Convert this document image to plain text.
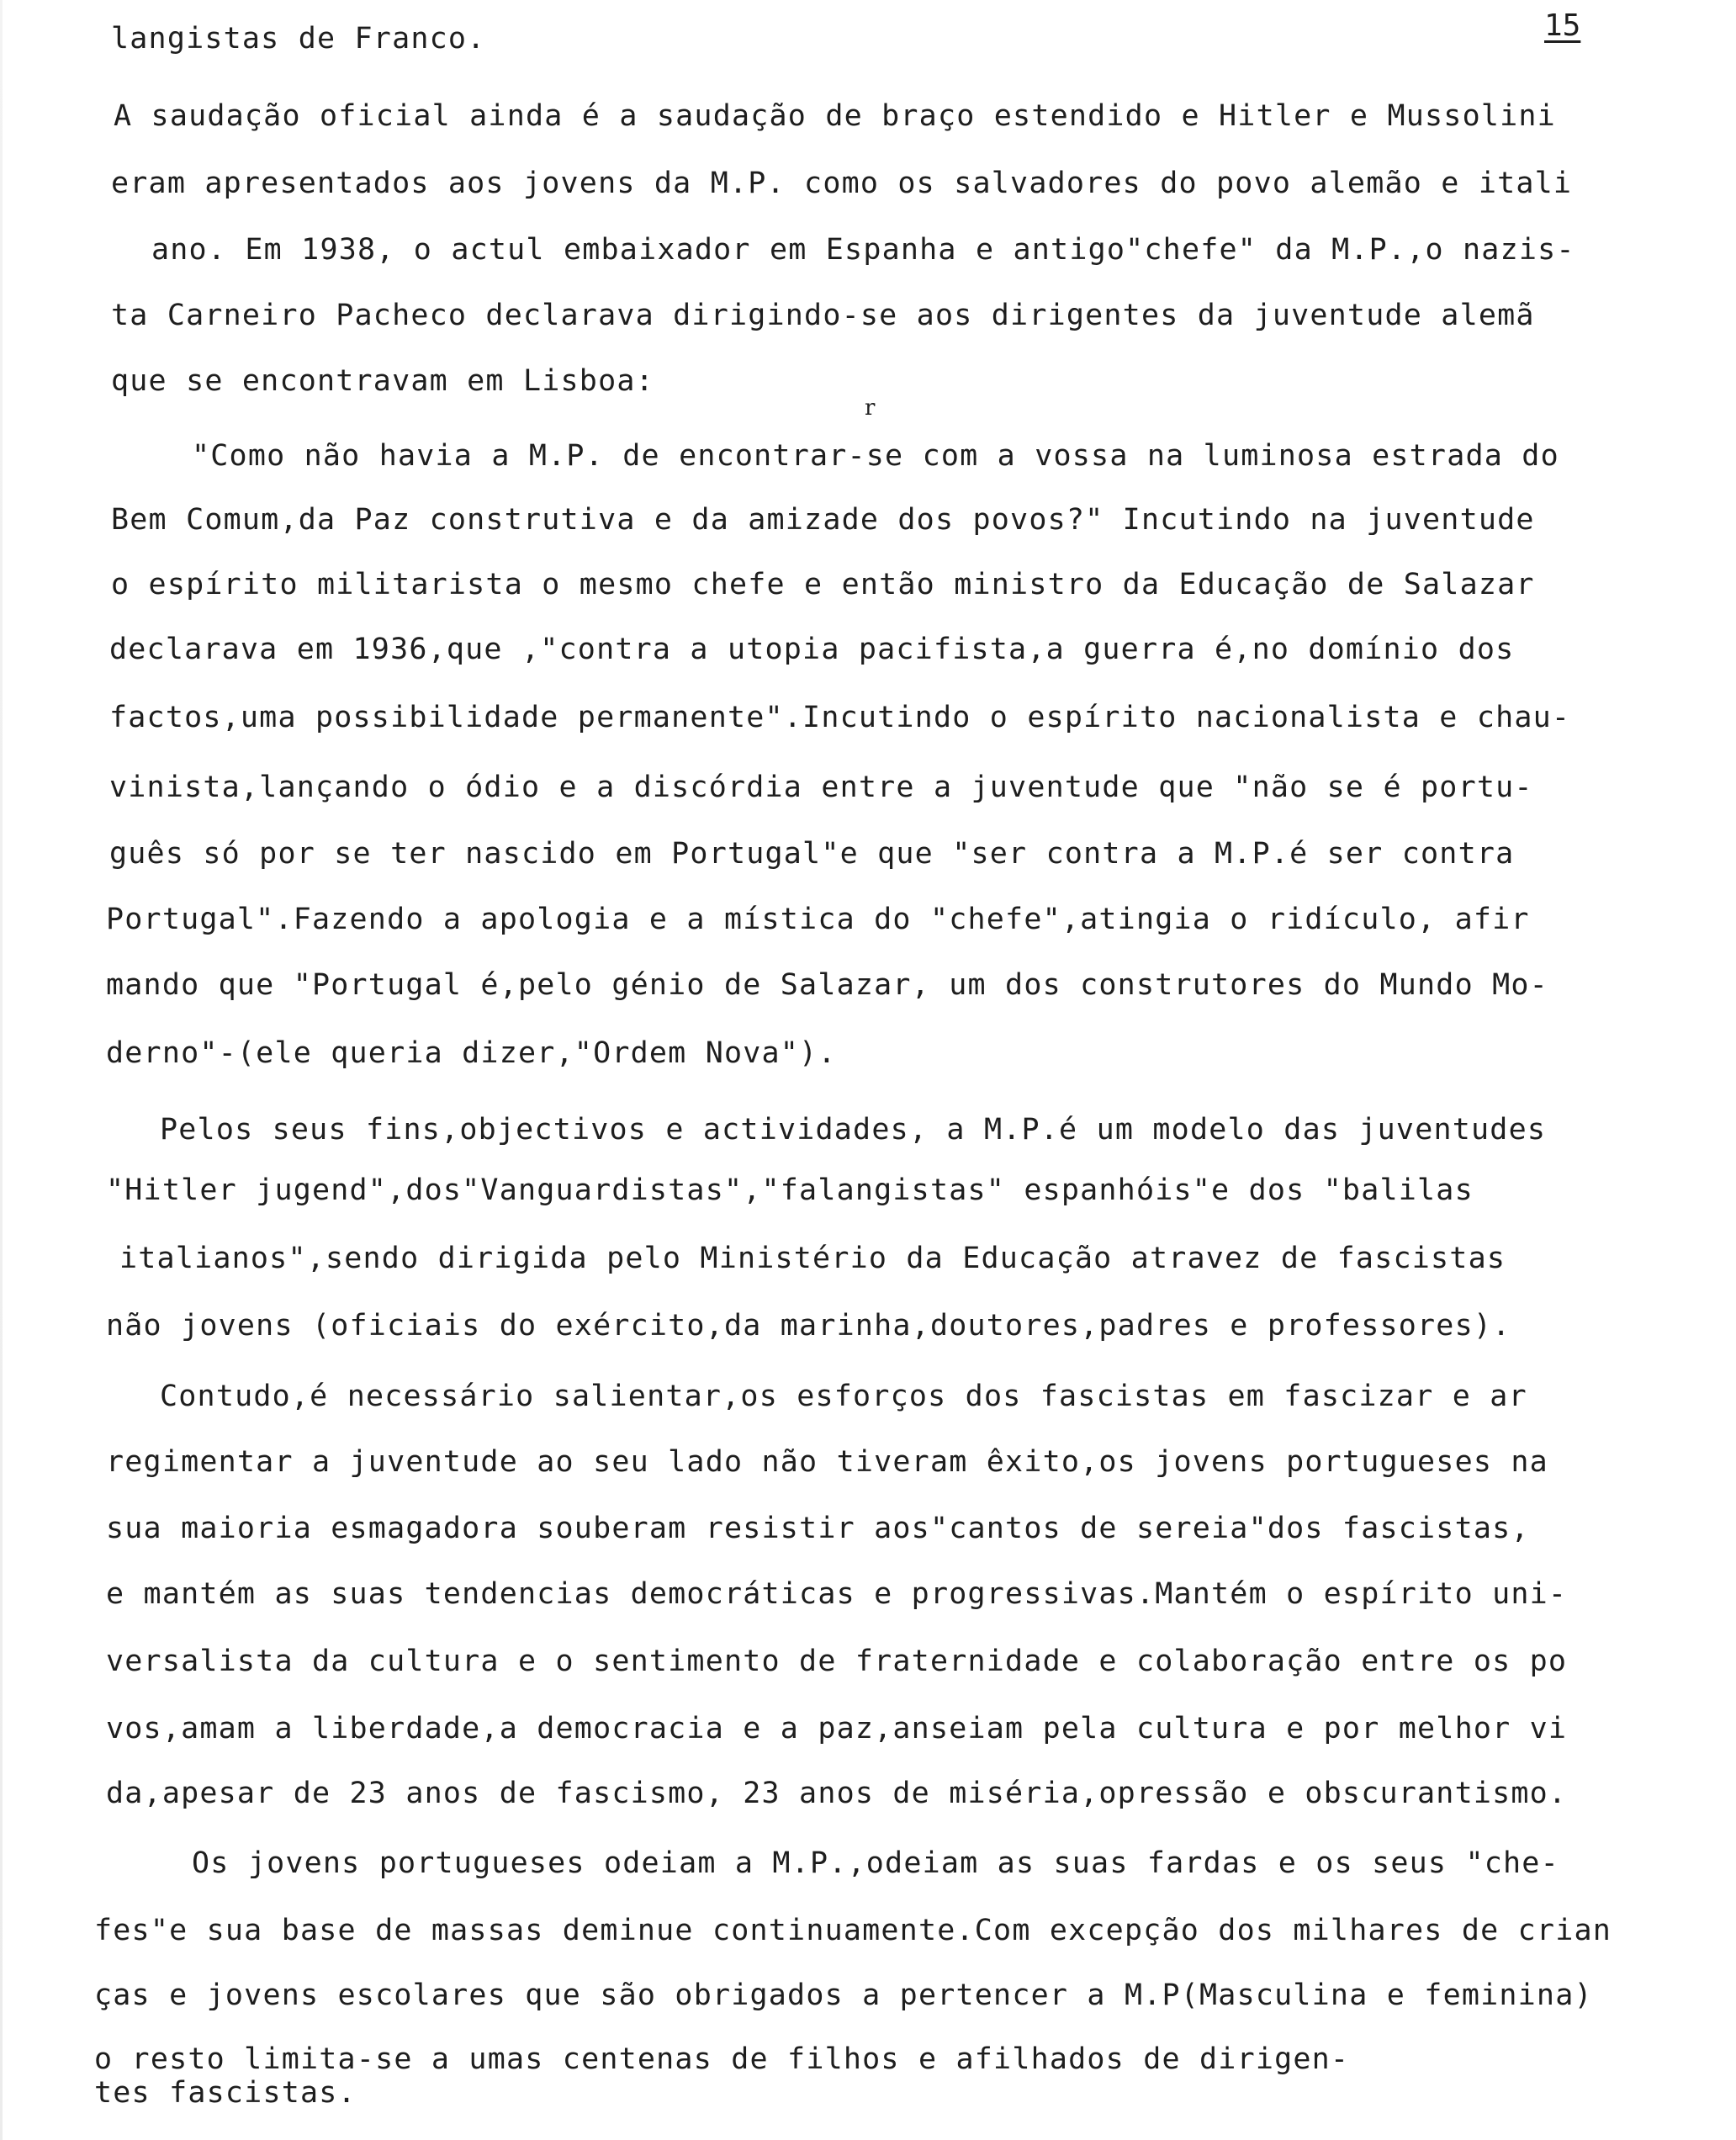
15
r
langistas de Franco.
A saudação oficial ainda é a saudação de braço estendido e Hitler e Mussolini
eram apresentados aos jovens da M.P. como os salvadores do povo alemão e itali
ano. Em 1938, o actul embaixador em Espanha e antigo"chefe" da M.P.,o nazis-
ta Carneiro Pacheco declarava dirigindo-se aos dirigentes da juventude alemã
que se encontravam em Lisboa:
"Como não havia a M.P. de encontrar-se com a vossa na luminosa estrada do
Bem Comum,da Paz construtiva e da amizade dos povos?" Incutindo na juventude
o espírito militarista o mesmo chefe e então ministro da Educação de Salazar
declarava em 1936,que ,"contra a utopia pacifista,a guerra é,no domínio dos
factos,uma possibilidade permanente".Incutindo o espírito nacionalista e chau-
vinista,lançando o ódio e a discórdia entre a juventude que "não se é portu-
guês só por se ter nascido em Portugal"e que "ser contra a M.P.é ser contra
Portugal".Fazendo a apologia e a mística do "chefe",atingia o ridículo, afir
mando que "Portugal é,pelo génio de Salazar, um dos construtores do Mundo Mo-
derno"-(ele queria dizer,"Ordem Nova").
Pelos seus fins,objectivos e actividades, a M.P.é um modelo das juventudes
"Hitler jugend",dos"Vanguardistas","falangistas" espanhóis"e dos "balilas
italianos",sendo dirigida pelo Ministério da Educação atravez de fascistas
não jovens (oficiais do exército,da marinha,doutores,padres e professores).
Contudo,é necessário salientar,os esforços dos fascistas em fascizar e ar
regimentar a juventude ao seu lado não tiveram êxito,os jovens portugueses na
sua maioria esmagadora souberam resistir aos"cantos de sereia"dos fascistas,
e mantém as suas tendencias democráticas e progressivas.Mantém o espírito uni-
versalista da cultura e o sentimento de fraternidade e colaboração entre os po
vos,amam a liberdade,a democracia e a paz,anseiam pela cultura e por melhor vi
da,apesar de 23 anos de fascismo, 23 anos de miséria,opressão e obscurantismo.
Os jovens portugueses odeiam a M.P.,odeiam as suas fardas e os seus "che-
fes"e sua base de massas deminue continuamente.Com excepção dos milhares de crian
ças e jovens escolares que são obrigados a pertencer a M.P(Masculina e feminina)
o resto limita-se a umas centenas de filhos e afilhados de dirigen-
tes fascistas.
